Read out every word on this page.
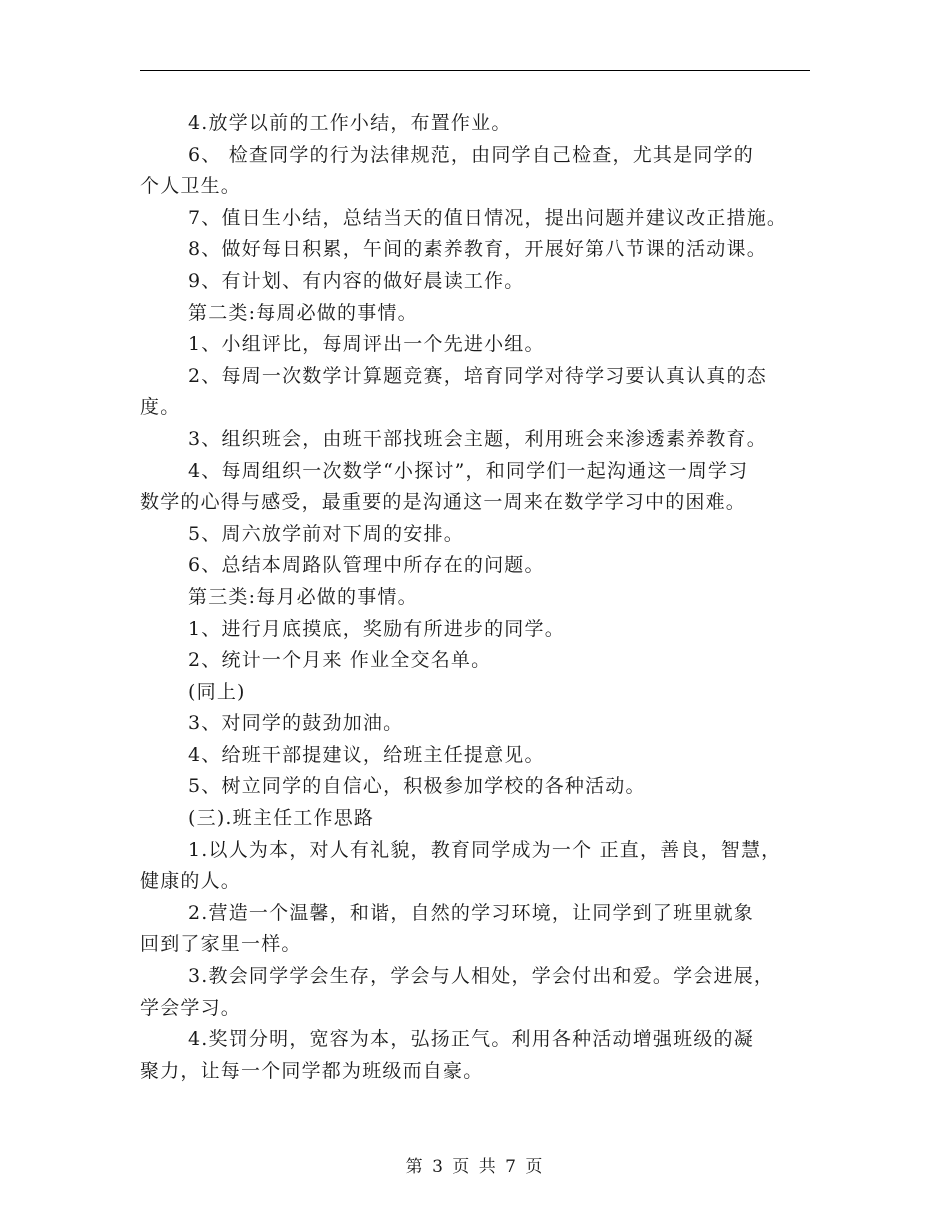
4.放学以前的工作小结，布置作业。
6、 检查同学的行为法律规范，由同学自己检查，尤其是同学的
个人卫生。
7、值日生小结，总结当天的值日情况，提出问题并建议改正措施。
8、做好每日积累，午间的素养教育，开展好第八节课的活动课。
9、有计划、有内容的做好晨读工作。
第二类:每周必做的事情。
1、小组评比，每周评出一个先进小组。
2、每周一次数学计算题竞赛，培育同学对待学习要认真认真的态
度。
3、组织班会，由班干部找班会主题，利用班会来渗透素养教育。
4、每周组织一次数学“小探讨”，和同学们一起沟通这一周学习
数学的心得与感受，最重要的是沟通这一周来在数学学习中的困难。
5、周六放学前对下周的安排。
6、总结本周路队管理中所存在的问题。
第三类:每月必做的事情。
1、进行月底摸底，奖励有所进步的同学。
2、统计一个月来 作业全交名单。
(同上)
3、对同学的鼓劲加油。
4、给班干部提建议，给班主任提意见。
5、树立同学的自信心，积极参加学校的各种活动。
(三).班主任工作思路
1.以人为本，对人有礼貌，教育同学成为一个 正直，善良，智慧，
健康的人。
2.营造一个温馨，和谐，自然的学习环境，让同学到了班里就象
回到了家里一样。
3.教会同学学会生存，学会与人相处，学会付出和爱。学会进展，
学会学习。
4.奖罚分明，宽容为本，弘扬正气。利用各种活动增强班级的凝
聚力，让每一个同学都为班级而自豪。
第 3 页 共 7 页
